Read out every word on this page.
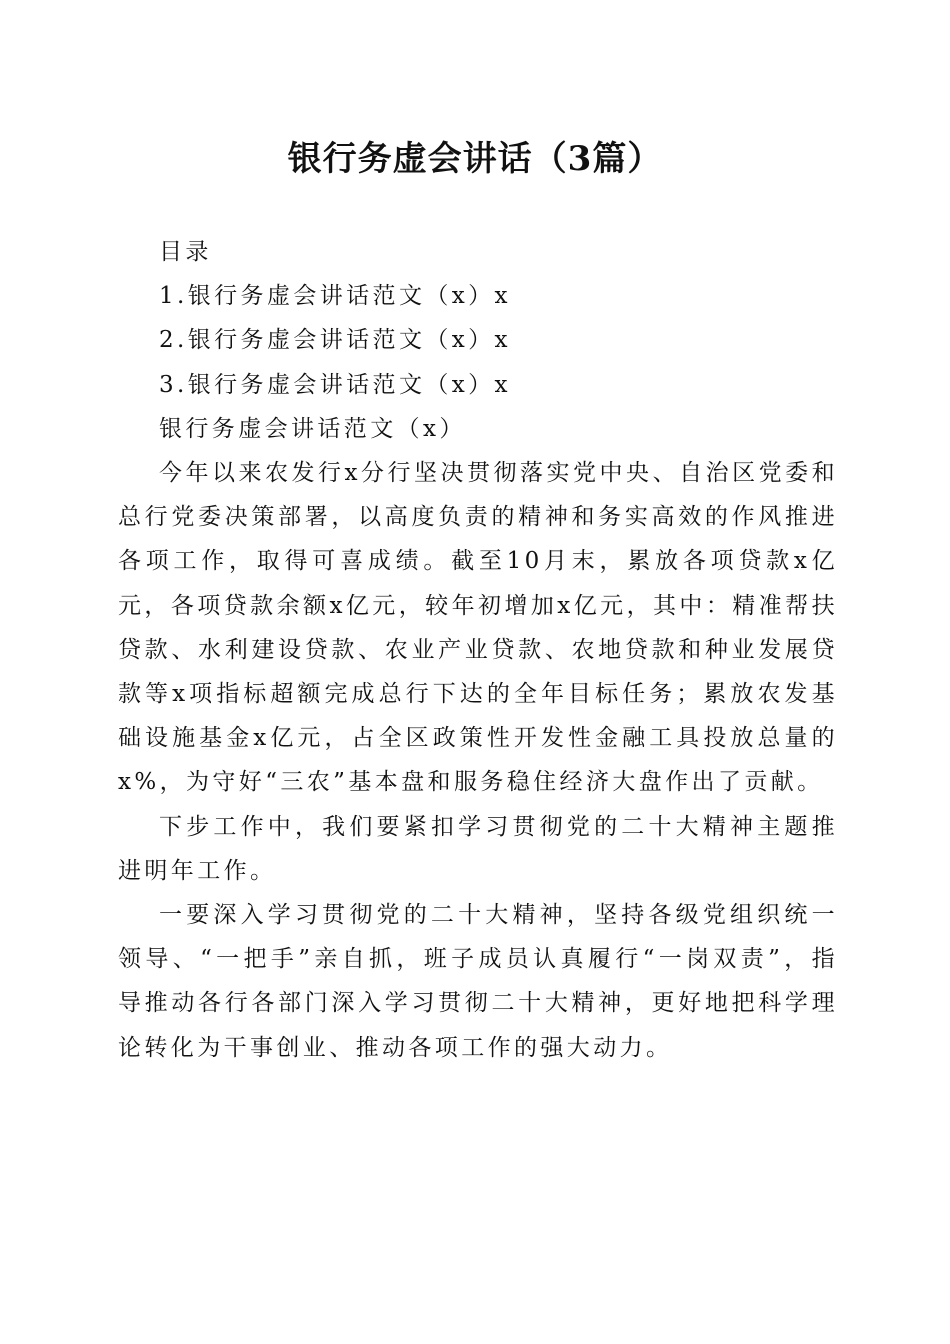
银行务虚会讲话（3篇）

目录

1.银行务虚会讲话范文（x）x

2.银行务虚会讲话范文（x）x

3.银行务虚会讲话范文（x）x

银行务虚会讲话范文（x）

今年以来农发行x分行坚决贯彻落实党中央、自治区党委和总行党委决策部署，以高度负责的精神和务实高效的作风推进各项工作，取得可喜成绩。截至10月末，累放各项贷款x亿元，各项贷款余额x亿元，较年初增加x亿元，其中：精准帮扶贷款、水利建设贷款、农业产业贷款、农地贷款和种业发展贷款等x项指标超额完成总行下达的全年目标任务；累放农发基础设施基金x亿元，占全区政策性开发性金融工具投放总量的x%，为守好“三农”基本盘和服务稳住经济大盘作出了贡献。

下步工作中，我们要紧扣学习贯彻党的二十大精神主题推进明年工作。

一要深入学习贯彻党的二十大精神，坚持各级党组织统一领导、“一把手”亲自抓，班子成员认真履行“一岗双责”，指导推动各行各部门深入学习贯彻二十大精神，更好地把科学理论转化为干事创业、推动各项工作的强大动力。
